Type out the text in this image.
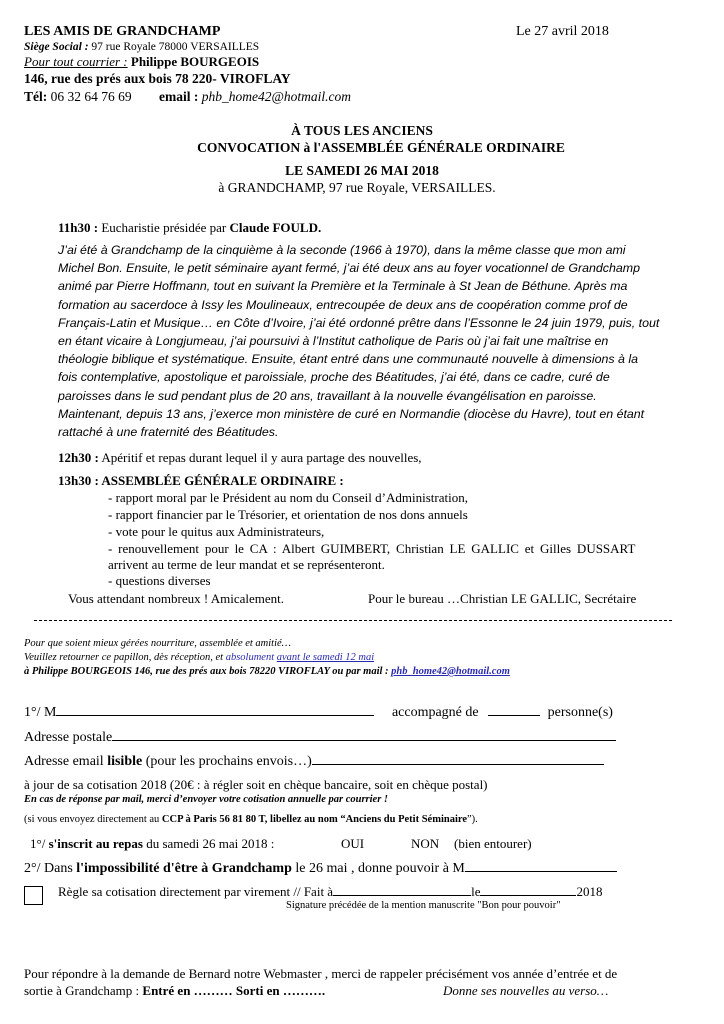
LES AMIS DE GRANDCHAMP	Le 27 avril 2018
Siège Social : 97 rue Royale 78000 VERSAILLES
Pour tout courrier : Philippe BOURGEOIS
146, rue des prés aux bois 78 220- VIROFLAY
Tél: 06 32 64 76 69 email : phb_home42@hotmail.com
À TOUS LES ANCIENS
CONVOCATION à l'ASSEMBLÉE GÉNÉRALE ORDINAIRE
LE SAMEDI 26 MAI 2018
à GRANDCHAMP, 97 rue Royale, VERSAILLES.
11h30 : Eucharistie présidée par Claude FOULD.
J’ai été à Grandchamp de la cinquième à la seconde (1966 à 1970), dans la même classe que mon ami
Michel Bon. Ensuite, le petit séminaire ayant fermé, j’ai été deux ans au foyer vocationnel de Grandchamp
animé par Pierre Hoffmann, tout en suivant la Première et la Terminale à St Jean de Béthune. Après ma
formation au sacerdoce à Issy les Moulineaux, entrecoupée de deux ans de coopération comme prof de
Français-Latin et Musique… en Côte d’Ivoire, j’ai été ordonné prêtre dans l’Essonne le 24 juin 1979, puis, tout
en étant vicaire à Longjumeau, j’ai poursuivi à l’Institut catholique de Paris où j’ai fait une maîtrise en
théologie biblique et systématique. Ensuite, étant entré dans une communauté nouvelle à dimensions à la
fois contemplative, apostolique et paroissiale, proche des Béatitudes, j’ai été, dans ce cadre, curé de
paroisses dans le sud pendant plus de 20 ans, travaillant à la nouvelle évangélisation en paroisse.
Maintenant, depuis 13 ans, j’exerce mon ministère de curé en Normandie (diocèse du Havre), tout en étant
rattaché à une fraternité des Béatitudes.
12h30 : Apéritif et repas durant lequel il y aura partage des nouvelles,
13h30 : ASSEMBLÉE GÉNÉRALE ORDINAIRE :
- rapport moral par le Président au nom du Conseil d’Administration,
- rapport financier par le Trésorier, et orientation de nos dons annuels
- vote pour le quitus aux Administrateurs,
- renouvellement pour le CA : Albert GUIMBERT, Christian LE GALLIC et Gilles DUSSART
arrivent au terme de leur mandat et se représenteront.
- questions diverses
Vous attendant nombreux ! Amicalement.	Pour le bureau …Christian LE GALLIC, Secrétaire
Pour que soient mieux gérées nourriture, assemblée et amitié…
Veuillez retourner ce papillon, dès réception, et absolument avant le samedi 12 mai
à Philippe BOURGEOIS 146, rue des prés aux bois 78220 VIROFLAY ou par mail : phb_home42@hotmail.com
1°/ M	accompagné de	personne(s)
Adresse postale
Adresse email lisible (pour les prochains envois…)
à jour de sa cotisation 2018 (20€ : à régler soit en chèque bancaire, soit en chèque postal)
En cas de réponse par mail, merci d’envoyer votre cotisation annuelle par courrier !
(si vous envoyez directement au CCP à Paris 56 81 80 T, libellez au nom “Anciens du Petit Séminaire”).
1°/ s'inscrit au repas du samedi 26 mai 2018 :	OUI	NON (bien entourer)
2°/ Dans l'impossibilité d'être à Grandchamp le 26 mai , donne pouvoir à M
Règle sa cotisation directement par virement // Fait à	le	2018
Signature précédée de la mention manuscrite "Bon pour pouvoir"
Pour répondre à la demande de Bernard notre Webmaster , merci de rappeler précisément vos année d’entrée et de
sortie à Grandchamp : Entré en ……… Sorti en ……….	Donne ses nouvelles au verso…
